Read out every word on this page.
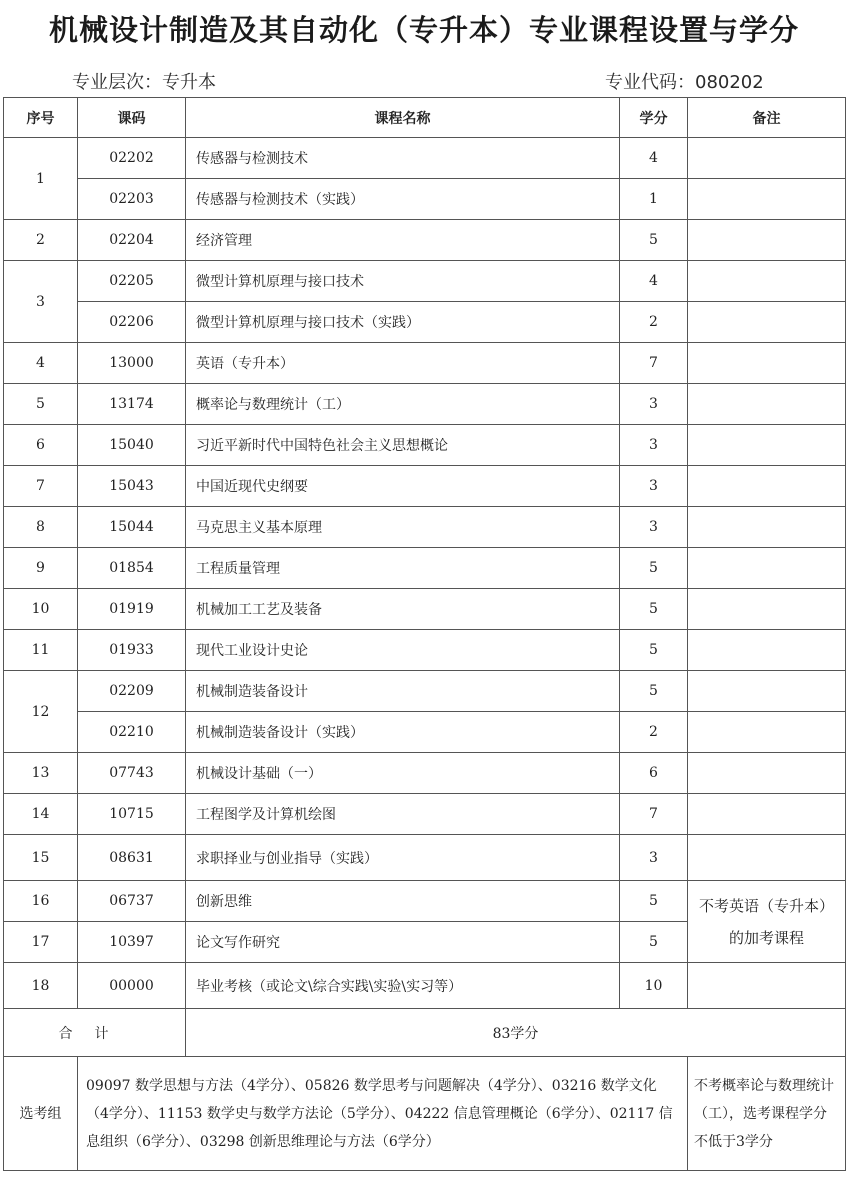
机械设计制造及其自动化（专升本）专业课程设置与学分
专业层次：专升本	专业代码：080202
序号	课码	课程名称	学分	备注
1	02202	传感器与检测技术	4	
	02203	传感器与检测技术（实践）	1	
2	02204	经济管理	5	
3	02205	微型计算机原理与接口技术	4	
	02206	微型计算机原理与接口技术（实践）	2	
4	13000	英语（专升本）	7	
5	13174	概率论与数理统计（工）	3	
6	15040	习近平新时代中国特色社会主义思想概论	3	
7	15043	中国近现代史纲要	3	
8	15044	马克思主义基本原理	3	
9	01854	工程质量管理	5	
10	01919	机械加工工艺及装备	5	
11	01933	现代工业设计史论	5	
12	02209	机械制造装备设计	5	
	02210	机械制造装备设计（实践）	2	
13	07743	机械设计基础（一）	6	
14	10715	工程图学及计算机绘图	7	
15	08631	求职择业与创业指导（实践）	3	
16	06737	创新思维	5	不考英语（专升本）的加考课程
17	10397	论文写作研究	5	
18	00000	毕业考核（或论文\综合实践\实验\实习等）	10	
合计		83学分		
选考组	09097 数学思想与方法（4学分）、05826 数学思考与问题解决（4学分）、03216 数学文化（4学分）、11153 数学史与数学方法论（5学分）、04222 信息管理概论（6学分）、02117 信息组织（6学分）、03298 创新思维理论与方法（6学分）			不考概率论与数理统计（工），选考课程学分不低于3学分
